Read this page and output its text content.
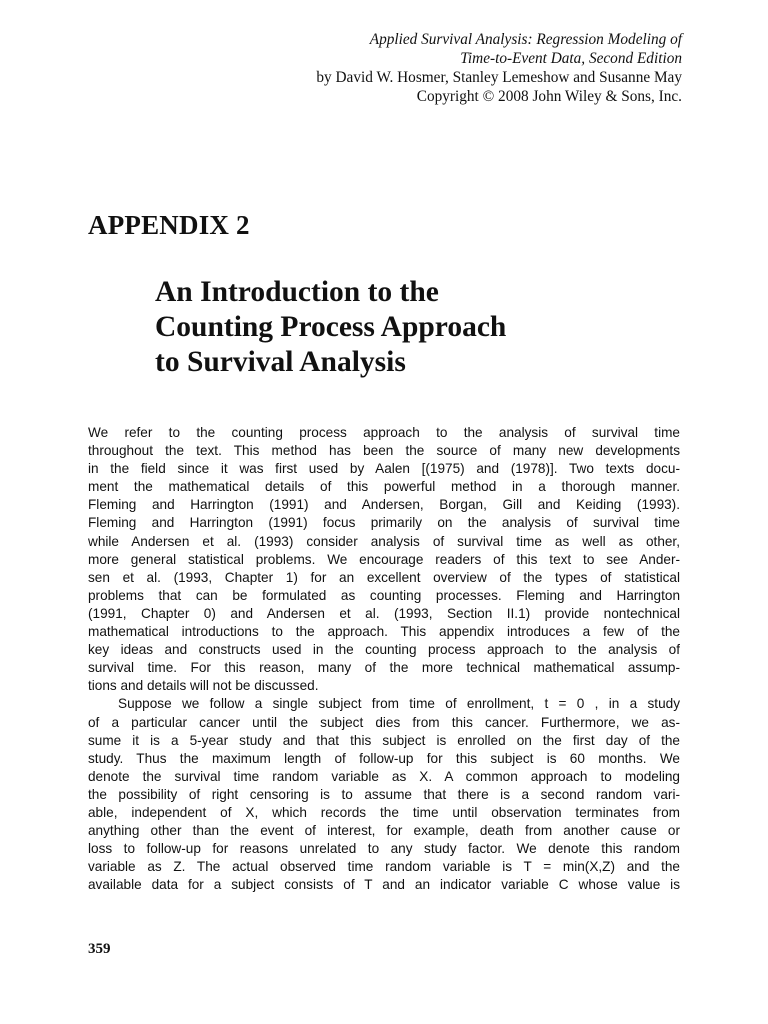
Applied Survival Analysis: Regression Modeling of
Time-to-Event Data, Second Edition
by David W. Hosmer, Stanley Lemeshow and Susanne May
Copyright © 2008 John Wiley & Sons, Inc.
APPENDIX 2
An Introduction to the
Counting Process Approach
to Survival Analysis
We refer to the counting process approach to the analysis of survival time
throughout the text. This method has been the source of many new developments
in the field since it was first used by Aalen [(1975) and (1978)]. Two texts docu-
ment the mathematical details of this powerful method in a thorough manner.
Fleming and Harrington (1991) and Andersen, Borgan, Gill and Keiding (1993).
Fleming and Harrington (1991) focus primarily on the analysis of survival time
while Andersen et al. (1993) consider analysis of survival time as well as other,
more general statistical problems. We encourage readers of this text to see Ander-
sen et al. (1993, Chapter 1) for an excellent overview of the types of statistical
problems that can be formulated as counting processes. Fleming and Harrington
(1991, Chapter 0) and Andersen et al. (1993, Section II.1) provide nontechnical
mathematical introductions to the approach. This appendix introduces a few of the
key ideas and constructs used in the counting process approach to the analysis of
survival time. For this reason, many of the more technical mathematical assump-
tions and details will not be discussed.
Suppose we follow a single subject from time of enrollment, t = 0 , in a study
of a particular cancer until the subject dies from this cancer. Furthermore, we as-
sume it is a 5-year study and that this subject is enrolled on the first day of the
study. Thus the maximum length of follow-up for this subject is 60 months. We
denote the survival time random variable as X. A common approach to modeling
the possibility of right censoring is to assume that there is a second random vari-
able, independent of X, which records the time until observation terminates from
anything other than the event of interest, for example, death from another cause or
loss to follow-up for reasons unrelated to any study factor. We denote this random
variable as Z. The actual observed time random variable is T = min(X,Z) and the
available data for a subject consists of T and an indicator variable C whose value is
359
